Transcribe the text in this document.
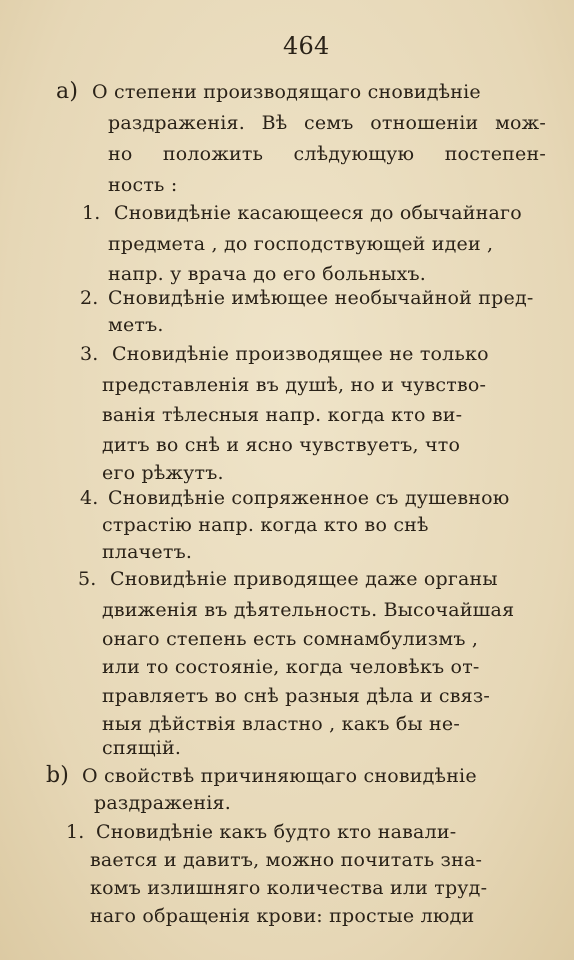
464
a) О степени производящаго сновидѣніе
раздраженія. Вѣ семъ отношеніи мож-
но положить слѣдующую постепен-
ность :
1. Сновидѣніе касающееся до обычайнаго
предмета , до господствующей идеи ,
напр. у врача до его больныхъ.
2. Сновидѣніе имѣющее необычайной пред-
метъ.
3. Сновидѣніе производящее не только
представленія въ душѣ, но и чувство-
ванія тѣлесныя напр. когда кто ви-
дитъ во снѣ и ясно чувствуетъ, что
его рѣжутъ.
4. Сновидѣніе сопряженное съ душевною
страстію напр. когда кто во снѣ
плачетъ.
5. Сновидѣніе приводящее даже органы
движенія въ дѣятельность. Высочайшая
онаго степень есть сомнамбулизмъ ,
или то состояніе, когда человѣкъ от-
правляетъ во снѣ разныя дѣла и связ-
ныя дѣйствія властно , какъ бы не-
спящій.
b) О свойствѣ причиняющаго сновидѣніе
раздраженія.
1. Сновидѣніе какъ будто кто навали-
вается и давитъ, можно почитать зна-
комъ излишняго количества или труд-
наго обращенія крови: простые люди
